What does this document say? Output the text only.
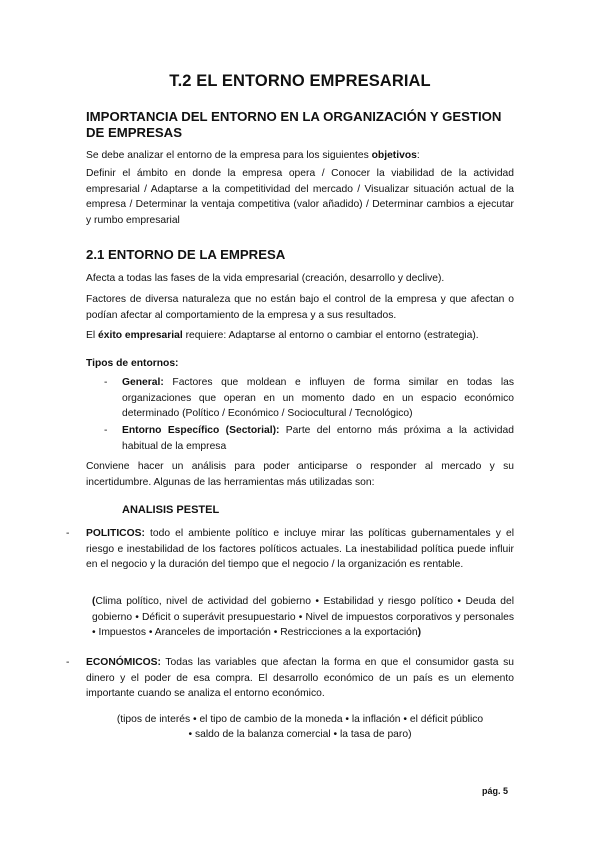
T.2 EL ENTORNO EMPRESARIAL
IMPORTANCIA DEL ENTORNO EN LA ORGANIZACIÓN Y GESTION DE EMPRESAS
Se debe analizar el entorno de la empresa para los siguientes objetivos:
Definir el ámbito en donde la empresa opera / Conocer la viabilidad de la actividad empresarial / Adaptarse a la competitividad del mercado / Visualizar situación actual de la empresa / Determinar la ventaja competitiva (valor añadido) / Determinar cambios a ejecutar y rumbo empresarial
2.1 ENTORNO DE LA EMPRESA
Afecta a todas las fases de la vida empresarial (creación, desarrollo y declive).
Factores de diversa naturaleza que no están bajo el control de la empresa y que afectan o podían afectar al comportamiento de la empresa y a sus resultados.
El éxito empresarial requiere: Adaptarse al entorno o cambiar el entorno (estrategia).
Tipos de entornos:
- General: Factores que moldean e influyen de forma similar en todas las organizaciones que operan en un momento dado en un espacio económico determinado (Político / Económico / Sociocultural / Tecnológico)
- Entorno Específico (Sectorial): Parte del entorno más próxima a la actividad habitual de la empresa
Conviene hacer un análisis para poder anticiparse o responder al mercado y su incertidumbre. Algunas de las herramientas más utilizadas son:
ANALISIS PESTEL
- POLITICOS: todo el ambiente político e incluye mirar las políticas gubernamentales y el riesgo e inestabilidad de los factores políticos actuales. La inestabilidad política puede influir en el negocio y la duración del tiempo que el negocio / la organización es rentable.
(Clima político, nivel de actividad del gobierno • Estabilidad y riesgo político • Deuda del gobierno • Déficit o superávit presupuestario • Nivel de impuestos corporativos y personales • Impuestos • Aranceles de importación • Restricciones a la exportación)
- ECONÓMICOS: Todas las variables que afectan la forma en que el consumidor gasta su dinero y el poder de esa compra. El desarrollo económico de un país es un elemento importante cuando se analiza el entorno económico.
(tipos de interés • el tipo de cambio de la moneda • la inflación • el déficit público
• saldo de la balanza comercial • la tasa de paro)
pág. 5
